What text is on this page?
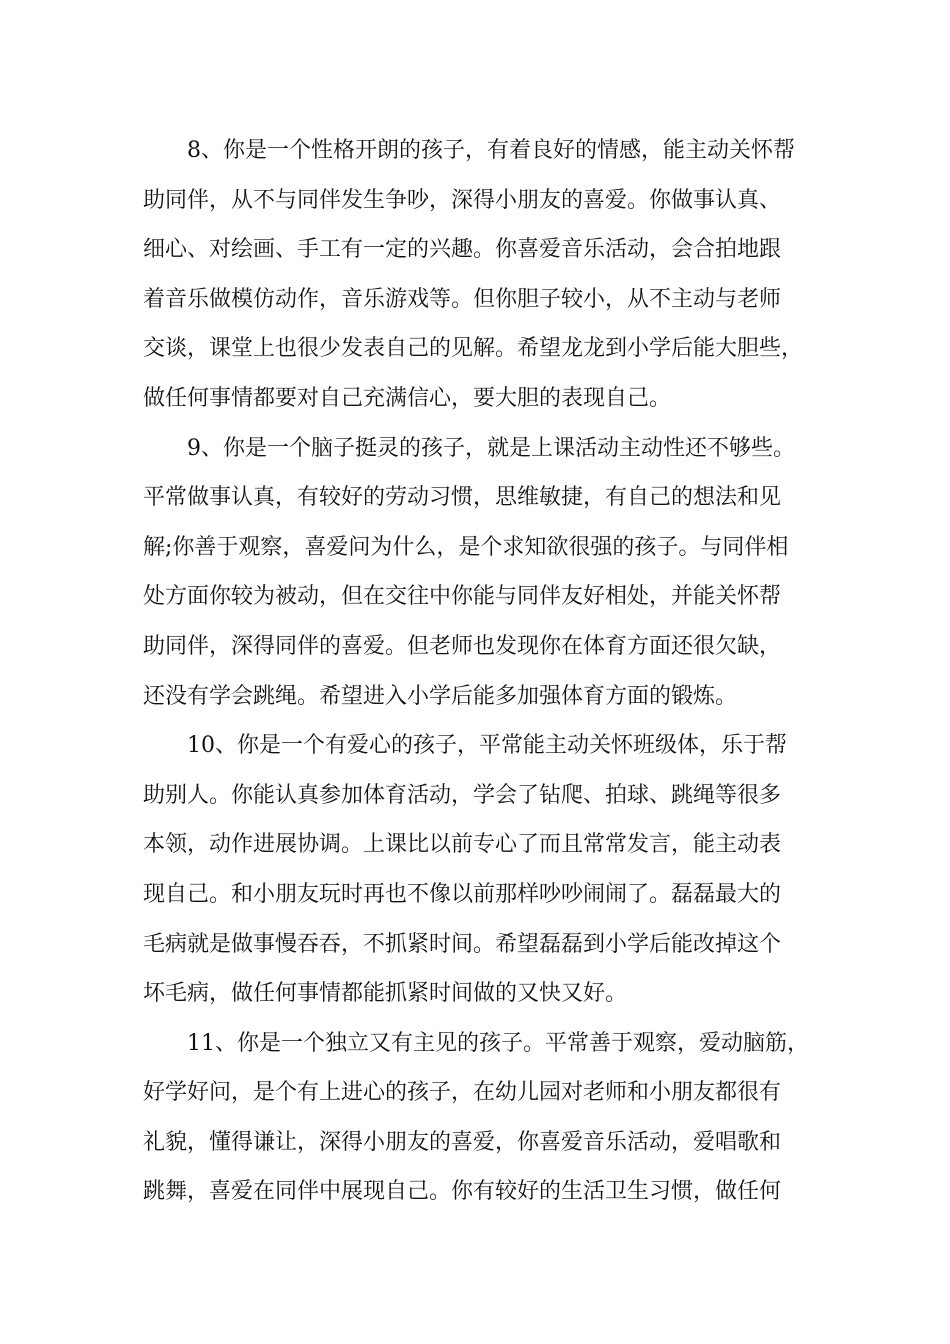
8、你是一个性格开朗的孩子，有着良好的情感，能主动关怀帮
助同伴，从不与同伴发生争吵，深得小朋友的喜爱。你做事认真、
细心、对绘画、手工有一定的兴趣。你喜爱音乐活动，会合拍地跟
着音乐做模仿动作，音乐游戏等。但你胆子较小，从不主动与老师
交谈，课堂上也很少发表自己的见解。希望龙龙到小学后能大胆些，
做任何事情都要对自己充满信心，要大胆的表现自己。

9、你是一个脑子挺灵的孩子，就是上课活动主动性还不够些。
平常做事认真，有较好的劳动习惯，思维敏捷，有自己的想法和见
解;你善于观察，喜爱问为什么，是个求知欲很强的孩子。与同伴相
处方面你较为被动，但在交往中你能与同伴友好相处，并能关怀帮
助同伴，深得同伴的喜爱。但老师也发现你在体育方面还很欠缺，
还没有学会跳绳。希望进入小学后能多加强体育方面的锻炼。

10、你是一个有爱心的孩子，平常能主动关怀班级体，乐于帮
助别人。你能认真参加体育活动，学会了钻爬、拍球、跳绳等很多
本领，动作进展协调。上课比以前专心了而且常常发言，能主动表
现自己。和小朋友玩时再也不像以前那样吵吵闹闹了。磊磊最大的
毛病就是做事慢吞吞，不抓紧时间。希望磊磊到小学后能改掉这个
坏毛病，做任何事情都能抓紧时间做的又快又好。

11、你是一个独立又有主见的孩子。平常善于观察，爱动脑筋，
好学好问，是个有上进心的孩子，在幼儿园对老师和小朋友都很有
礼貌，懂得谦让，深得小朋友的喜爱，你喜爱音乐活动，爱唱歌和
跳舞，喜爱在同伴中展现自己。你有较好的生活卫生习惯，做任何
